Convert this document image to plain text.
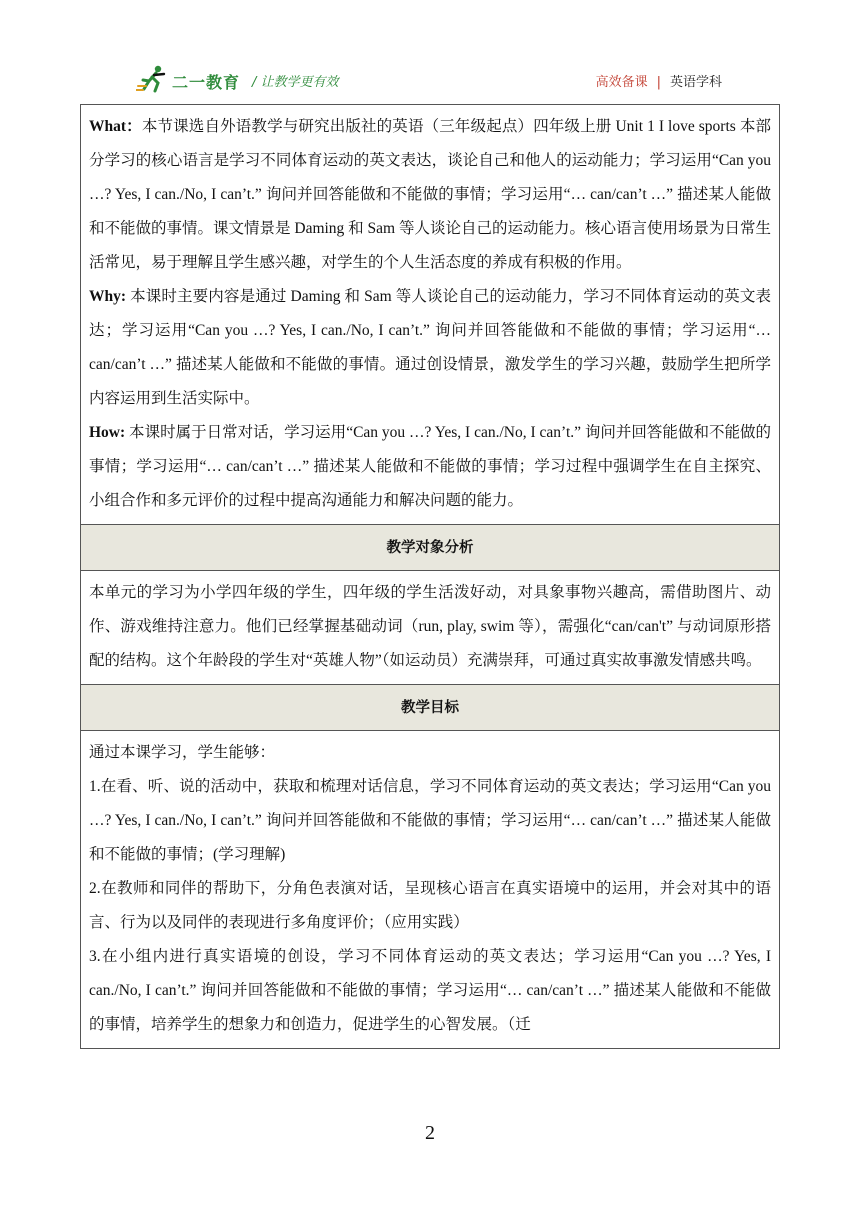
二一教育 / 让教学更有效	高效备课 | 英语学科

What：本节课选自外语教学与研究出版社的英语（三年级起点）四年级上册 Unit 1 I love sports 本部分学习的核心语言是学习不同体育运动的英文表达，谈论自己和他人的运动能力；学习运用“Can you …? Yes, I can./No, I can’t.” 询问并回答能做和不能做的事情；学习运用“… can/can’t …” 描述某人能做和不能做的事情。课文情景是 Daming 和 Sam 等人谈论自己的运动能力。核心语言使用场景为日常生活常见，易于理解且学生感兴趣，对学生的个人生活态度的养成有积极的作用。

Why: 本课时主要内容是通过 Daming 和 Sam 等人谈论自己的运动能力，学习不同体育运动的英文表达；学习运用“Can you …? Yes, I can./No, I can’t.” 询问并回答能做和不能做的事情；学习运用“… can/can’t …” 描述某人能做和不能做的事情。通过创设情景，激发学生的学习兴趣，鼓励学生把所学内容运用到生活实际中。

How: 本课时属于日常对话，学习运用“Can you …? Yes, I can./No, I can’t.” 询问并回答能做和不能做的事情；学习运用“… can/can’t …” 描述某人能做和不能做的事情；学习过程中强调学生在自主探究、小组合作和多元评价的过程中提高沟通能力和解决问题的能力。

教学对象分析

本单元的学习为小学四年级的学生，四年级的学生活泼好动，对具象事物兴趣高，需借助图片、动作、游戏维持注意力。他们已经掌握基础动词（run, play, swim 等），需强化“can/can't” 与动词原形搭配的结构。这个年龄段的学生对“英雄人物”（如运动员）充满崇拜，可通过真实故事激发情感共鸣。

教学目标

通过本课学习，学生能够：

1.在看、听、说的活动中，获取和梳理对话信息，学习不同体育运动的英文表达；学习运用“Can you …? Yes, I can./No, I can’t.” 询问并回答能做和不能做的事情；学习运用“… can/can’t …” 描述某人能做和不能做的事情；(学习理解)

2.在教师和同伴的帮助下，分角色表演对话，呈现核心语言在真实语境中的运用，并会对其中的语言、行为以及同伴的表现进行多角度评价；（应用实践）

3.在小组内进行真实语境的创设，学习不同体育运动的英文表达；学习运用“Can you …? Yes, I can./No, I can’t.” 询问并回答能做和不能做的事情；学习运用“… can/can’t …” 描述某人能做和不能做的事情，培养学生的想象力和创造力，促进学生的心智发展。（迁

2
